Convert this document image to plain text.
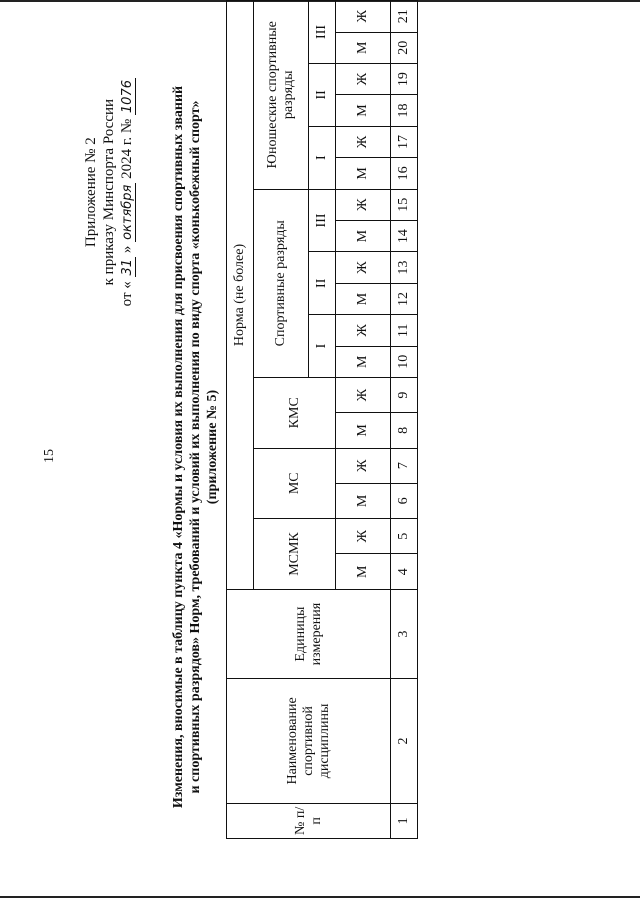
15
Приложение № 2 к приказу Минспорта России
от « 31 » октября 2024 г. № 1076	Изменения, вносимые в таблицу пункта 4 «Нормы и условия их выполнения для присвоения спортивных званий и спортивных разрядов» Норм, требований и условий их выполнения по виду спорта «конькобежный спорт» (приложение № 5)
№ п/п	Наименование спортивной дисциплины	Единицы измерения	Норма (не более)																	
			МСМК		МС		КМС		Спортивные разряды						Юношеские спортивные разряды					
									I		II		III		I		II		III	
			М	Ж	М	Ж	М	Ж	М	Ж	М	Ж	М	Ж	М	Ж	М	Ж	М	Ж
1	2	3	4	5	6	7	8	9	10	11	12	13	14	15	16	17	18	19	20	21
